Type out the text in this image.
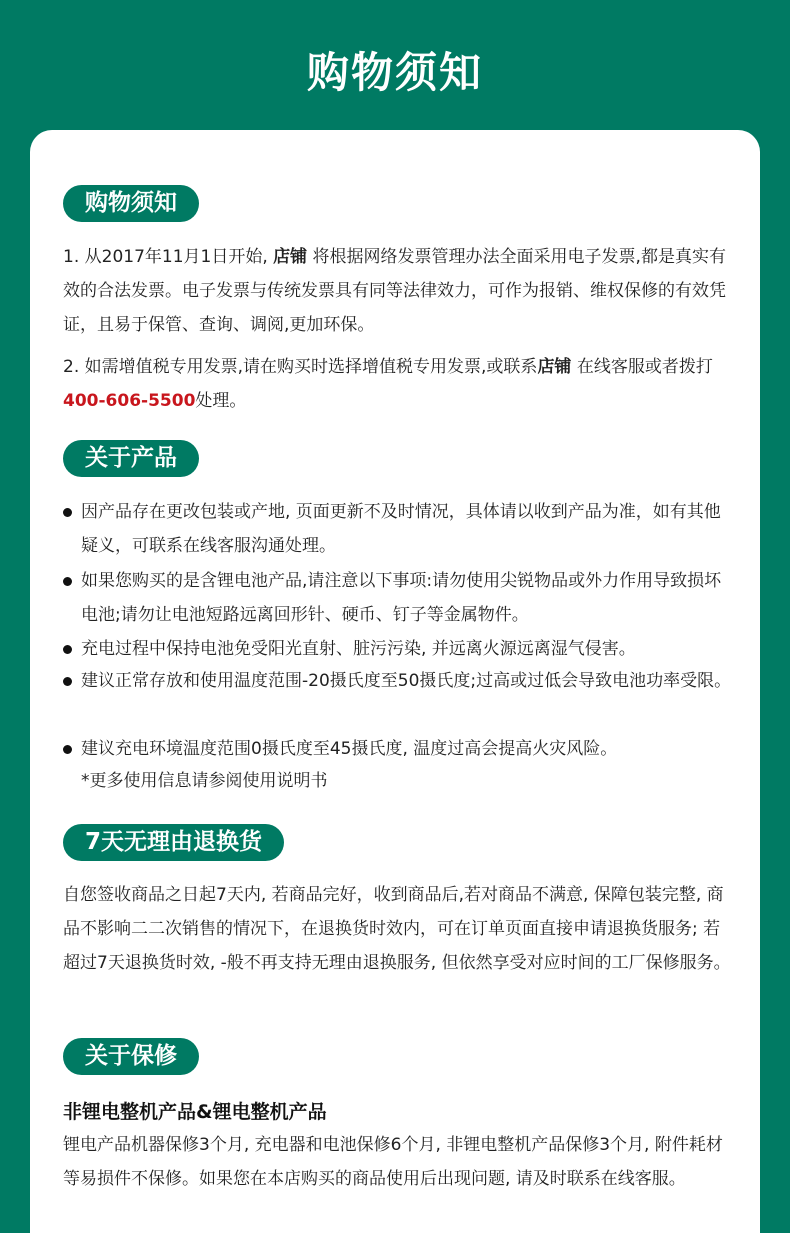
购物须知
购物须知
1. 从2017年11月1日开始, 店铺 将根据网络发票管理办法全面采用电子发票,都是真实有效的合法发票。电子发票与传统发票具有同等法律效力，可作为报销、维权保修的有效凭证，且易于保管、查询、调阅,更加环保。
2. 如需增值税专用发票,请在购买时选择增值税专用发票,或联系店铺 在线客服或者拨打400-606-5500处理。
关于产品
因产品存在更改包装或产地, 页面更新不及时情况，具体请以收到产品为准，如有其他疑义，可联系在线客服沟通处理。
如果您购买的是含锂电池产品,请注意以下事项:请勿使用尖锐物品或外力作用导致损坏电池;请勿让电池短路远离回形针、硬币、钉子等金属物件。
充电过程中保持电池免受阳光直射、脏污污染, 并远离火源远离湿气侵害。
建议正常存放和使用温度范围-20摄氏度至50摄氏度;过高或过低会导致电池功率受限。
建议充电环境温度范围0摄氏度至45摄氏度, 温度过高会提高火灾风险。
*更多使用信息请参阅使用说明书
7天无理由退换货
自您签收商品之日起7天内, 若商品完好，收到商品后,若对商品不满意, 保障包装完整, 商品不影响二二次销售的情况下，在退换货时效内，可在订单页面直接申请退换货服务; 若超过7天退换货时效, -般不再支持无理由退换服务, 但依然享受对应时间的工厂保修服务。
关于保修
非锂电整机产品&锂电整机产品
锂电产品机器保修3个月, 充电器和电池保修6个月, 非锂电整机产品保修3个月, 附件耗材等易损件不保修。如果您在本店购买的商品使用后出现问题, 请及时联系在线客服。
